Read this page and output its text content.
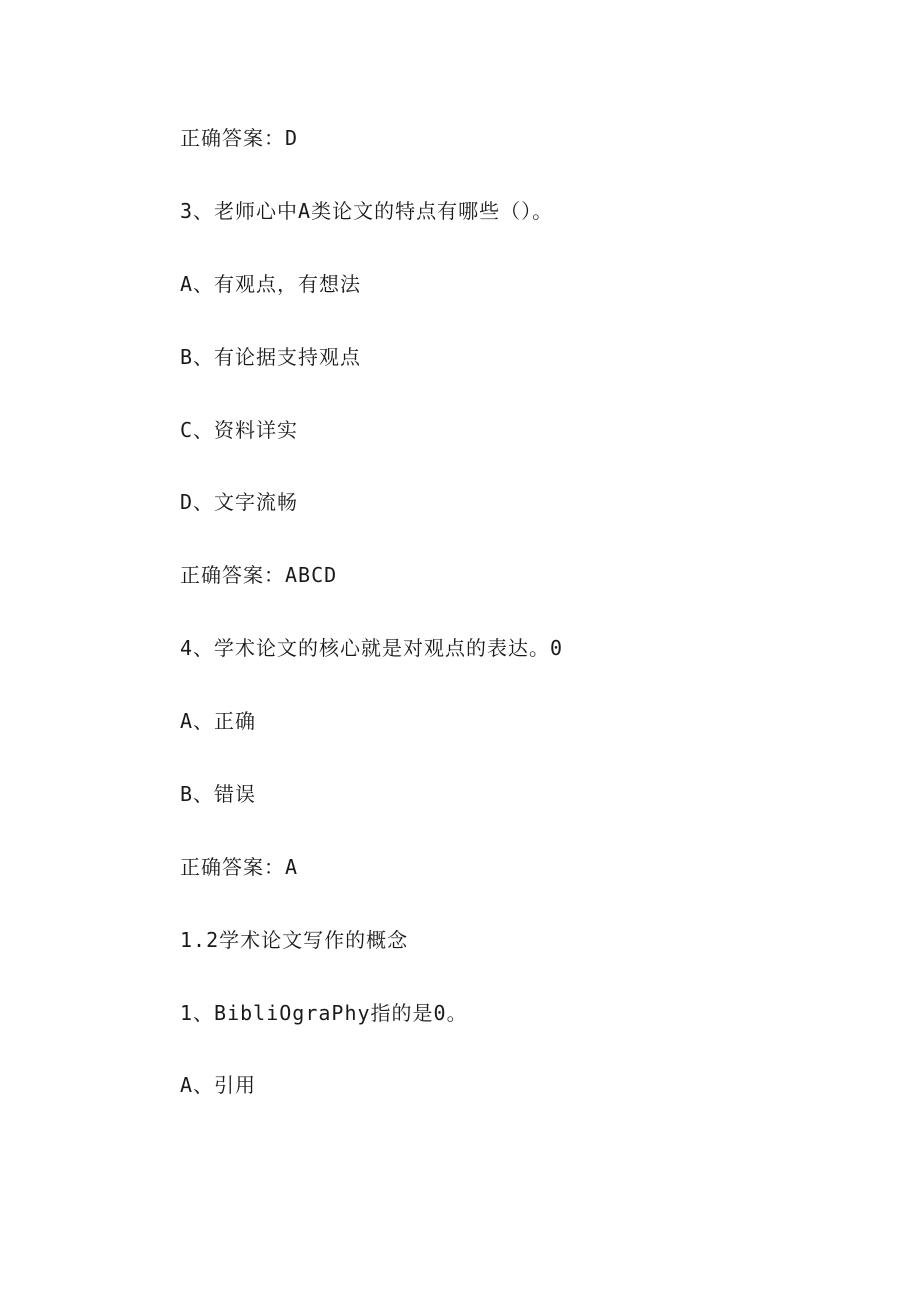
正确答案：D
3、老师心中A类论文的特点有哪些（）。
A、有观点，有想法
B、有论据支持观点
C、资料详实
D、文字流畅
正确答案：ABCD
4、学术论文的核心就是对观点的表达。0
A、正确
B、错误
正确答案：A
1.2学术论文写作的概念
1、BibliOgraPhy指的是0。
A、引用
